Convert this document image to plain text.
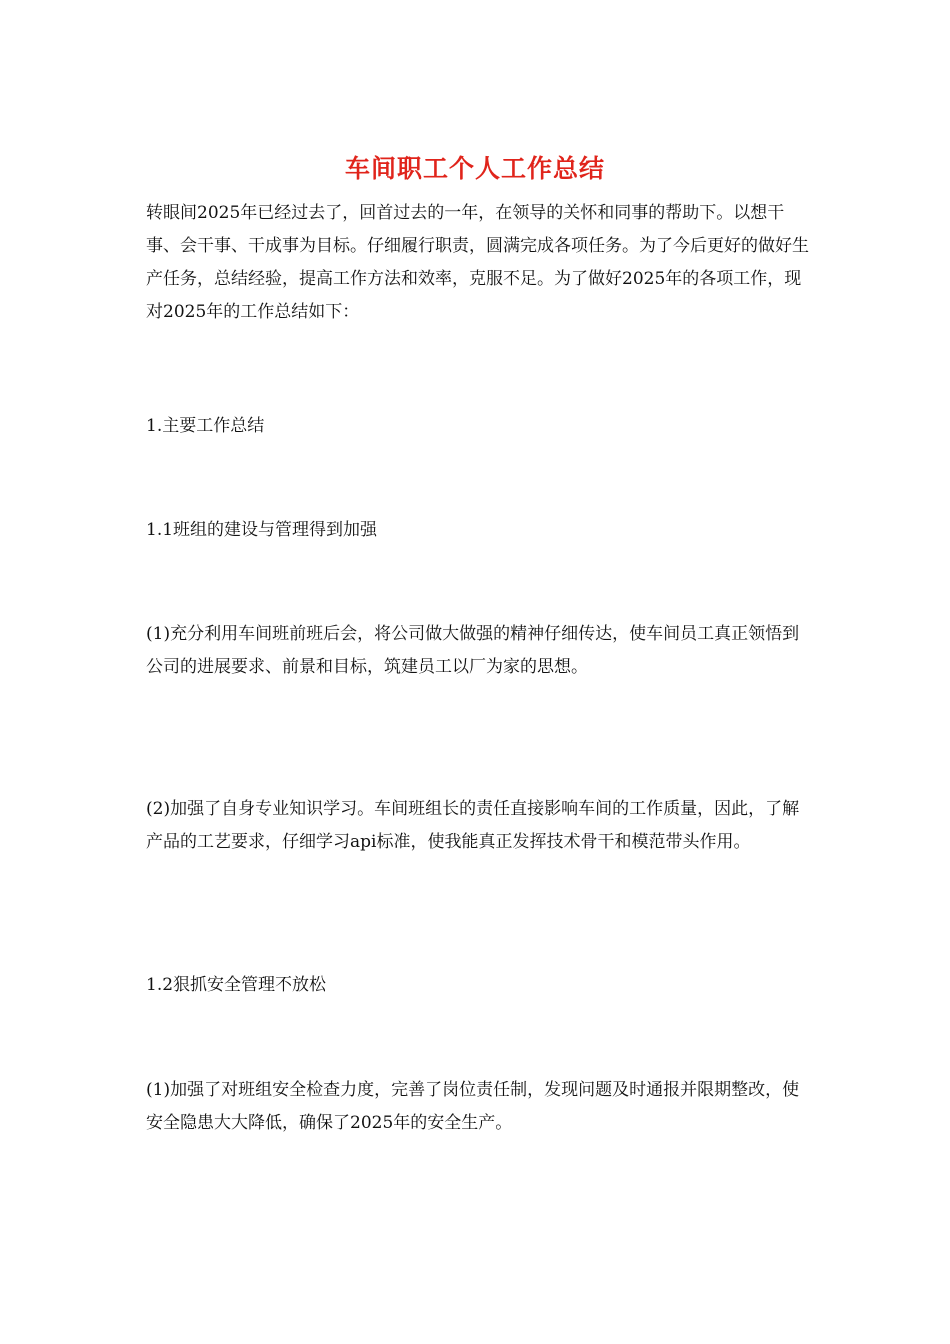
车间职工个人工作总结

转眼间2025年已经过去了，回首过去的一年，在领导的关怀和同事的帮助下。以想干事、会干事、干成事为目标。仔细履行职责，圆满完成各项任务。为了今后更好的做好生产任务，总结经验，提高工作方法和效率，克服不足。为了做好2025年的各项工作，现对2025年的工作总结如下：

1.主要工作总结

1.1班组的建设与管理得到加强

(1)充分利用车间班前班后会，将公司做大做强的精神仔细传达，使车间员工真正领悟到公司的进展要求、前景和目标，筑建员工以厂为家的思想。

(2)加强了自身专业知识学习。车间班组长的责任直接影响车间的工作质量，因此，了解产品的工艺要求，仔细学习api标准，使我能真正发挥技术骨干和模范带头作用。

1.2狠抓安全管理不放松

(1)加强了对班组安全检查力度，完善了岗位责任制，发现问题及时通报并限期整改，使安全隐患大大降低，确保了2025年的安全生产。
